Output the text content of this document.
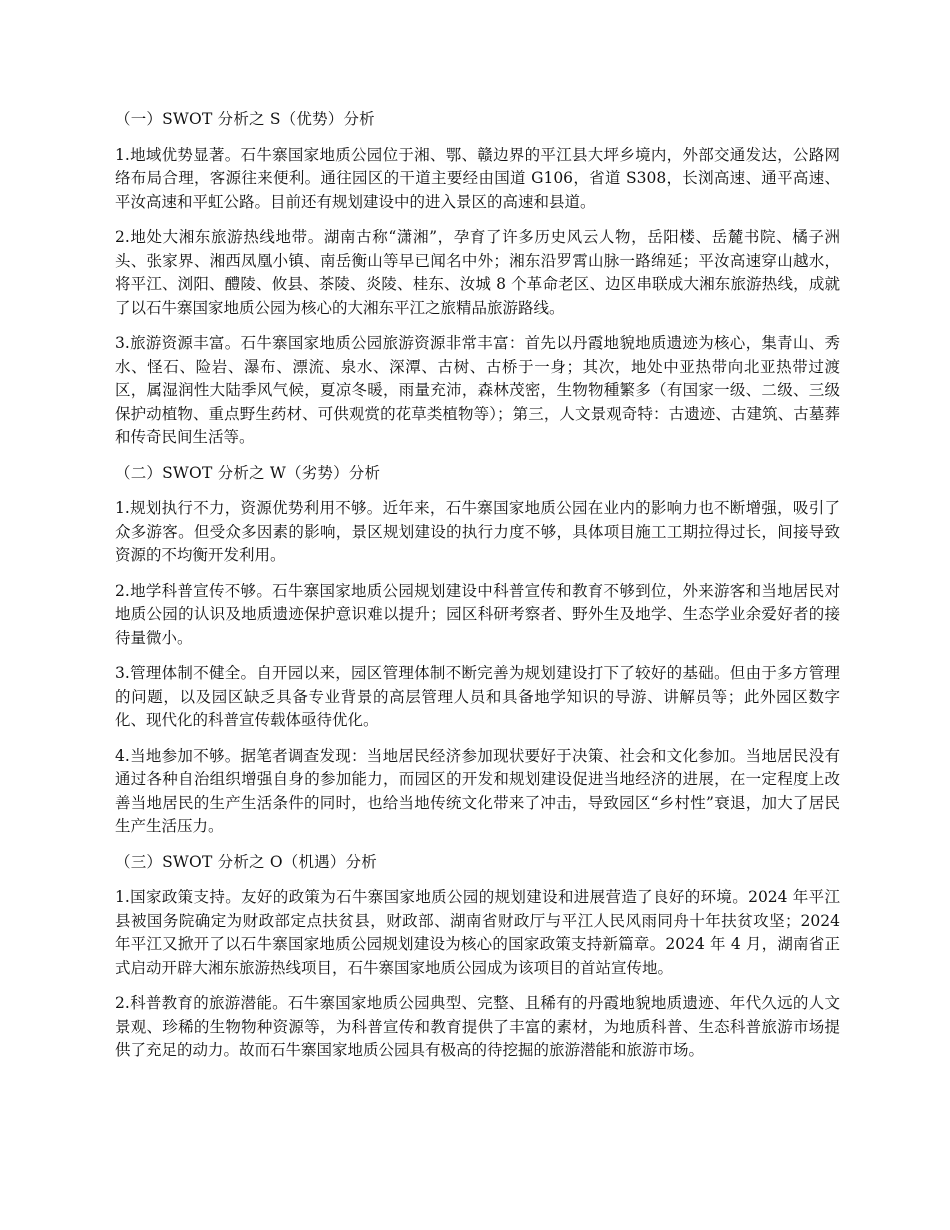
（一）SWOT 分析之 S（优势）分析

1.地域优势显著。石牛寨国家地质公园位于湘、鄂、赣边界的平江县大坪乡境内，外部交通发达，公路网络布局合理，客源往来便利。通往园区的干道主要经由国道 G106，省道 S308，长浏高速、通平高速、平汝高速和平虹公路。目前还有规划建设中的进入景区的高速和县道。

2.地处大湘东旅游热线地带。湖南古称“潇湘”，孕育了许多历史风云人物，岳阳楼、岳麓书院、橘子洲头、张家界、湘西凤凰小镇、南岳衡山等早已闻名中外；湘东沿罗霄山脉一路绵延；平汝高速穿山越水，将平江、浏阳、醴陵、攸县、茶陵、炎陵、桂东、汝城 8 个革命老区、边区串联成大湘东旅游热线，成就了以石牛寨国家地质公园为核心的大湘东平江之旅精品旅游路线。

3.旅游资源丰富。石牛寨国家地质公园旅游资源非常丰富：首先以丹霞地貌地质遗迹为核心，集青山、秀水、怪石、险岩、瀑布、漂流、泉水、深潭、古树、古桥于一身；其次，地处中亚热带向北亚热带过渡区，属湿润性大陆季风气候，夏凉冬暖，雨量充沛，森林茂密，生物物種繁多（有国家一级、二级、三级保护动植物、重点野生药材、可供观赏的花草类植物等）；第三，人文景观奇特：古遗迹、古建筑、古墓葬和传奇民间生活等。

（二）SWOT 分析之 W（劣势）分析

1.规划执行不力，资源优势利用不够。近年来，石牛寨国家地质公园在业内的影响力也不断增强，吸引了众多游客。但受众多因素的影响，景区规划建设的执行力度不够，具体项目施工工期拉得过长，间接导致资源的不均衡开发利用。

2.地学科普宣传不够。石牛寨国家地质公园规划建设中科普宣传和教育不够到位，外来游客和当地居民对地质公园的认识及地质遗迹保护意识难以提升；园区科研考察者、野外生及地学、生态学业余爱好者的接待量微小。

3.管理体制不健全。自开园以来，园区管理体制不断完善为规划建设打下了较好的基础。但由于多方管理的问题，以及园区缺乏具备专业背景的高层管理人员和具备地学知识的导游、讲解员等；此外园区数字化、现代化的科普宣传载体亟待优化。

4.当地参加不够。据笔者调查发现：当地居民经济参加现状要好于决策、社会和文化参加。当地居民没有通过各种自治组织增强自身的参加能力，而园区的开发和规划建设促进当地经济的进展，在一定程度上改善当地居民的生产生活条件的同时，也给当地传统文化带来了冲击，导致园区“乡村性”衰退，加大了居民生产生活压力。

（三）SWOT 分析之 O（机遇）分析

1.国家政策支持。友好的政策为石牛寨国家地质公园的规划建设和进展营造了良好的环境。2024 年平江县被国务院确定为财政部定点扶贫县，财政部、湖南省财政厅与平江人民风雨同舟十年扶贫攻坚；2024 年平江又掀开了以石牛寨国家地质公园规划建设为核心的国家政策支持新篇章。2024 年 4 月，湖南省正式启动开辟大湘东旅游热线项目，石牛寨国家地质公园成为该项目的首站宣传地。

2.科普教育的旅游潜能。石牛寨国家地质公园典型、完整、且稀有的丹霞地貌地质遗迹、年代久远的人文景观、珍稀的生物物种资源等，为科普宣传和教育提供了丰富的素材，为地质科普、生态科普旅游市场提供了充足的动力。故而石牛寨国家地质公园具有极高的待挖掘的旅游潜能和旅游市场。
